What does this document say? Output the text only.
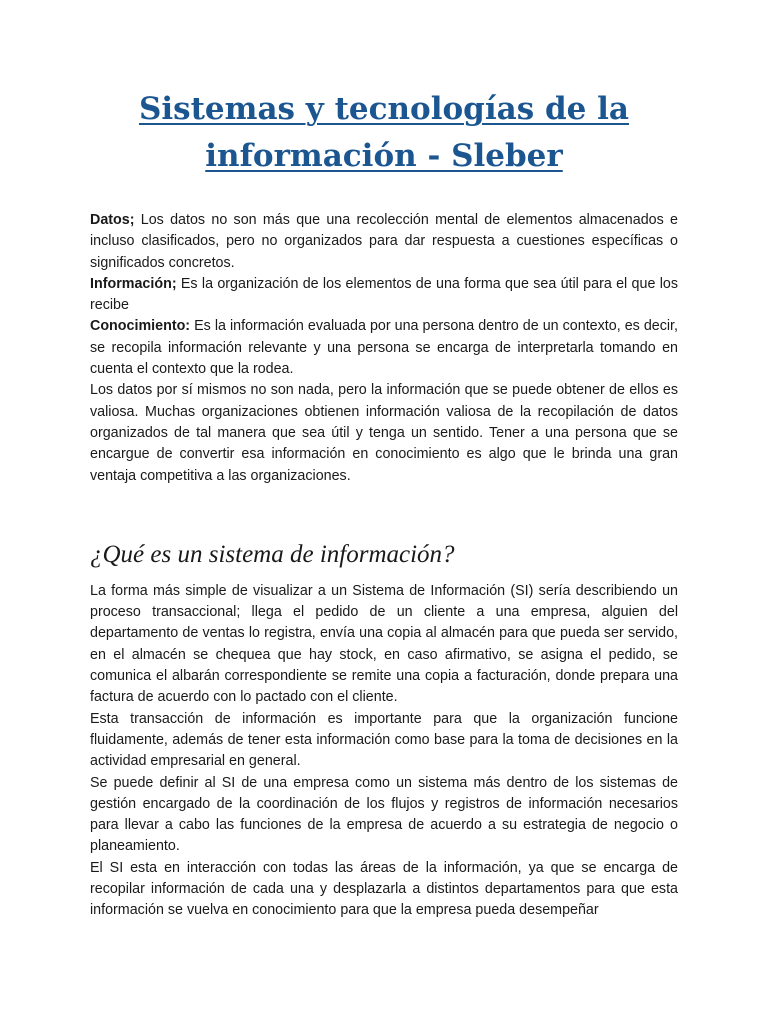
Sistemas y tecnologías de la información - Sleber

Datos; Los datos no son más que una recolección mental de elementos almacenados e incluso clasificados, pero no organizados para dar respuesta a cuestiones específicas o significados concretos.

Información; Es la organización de los elementos de una forma que sea útil para el que los recibe

Conocimiento: Es la información evaluada por una persona dentro de un contexto, es decir, se recopila información relevante y una persona se encarga de interpretarla tomando en cuenta el contexto que la rodea.

Los datos por sí mismos no son nada, pero la información que se puede obtener de ellos es valiosa. Muchas organizaciones obtienen información valiosa de la recopilación de datos organizados de tal manera que sea útil y tenga un sentido. Tener a una persona que se encargue de convertir esa información en conocimiento es algo que le brinda una gran ventaja competitiva a las organizaciones.

¿Qué es un sistema de información?

La forma más simple de visualizar a un Sistema de Información (SI) sería describiendo un proceso transaccional; llega el pedido de un cliente a una empresa, alguien del departamento de ventas lo registra, envía una copia al almacén para que pueda ser servido, en el almacén se chequea que hay stock, en caso afirmativo, se asigna el pedido, se comunica el albarán correspondiente se remite una copia a facturación, donde prepara una factura de acuerdo con lo pactado con el cliente.

Esta transacción de información es importante para que la organización funcione fluidamente, además de tener esta información como base para la toma de decisiones en la actividad empresarial en general.

Se puede definir al SI de una empresa como un sistema más dentro de los sistemas de gestión encargado de la coordinación de los flujos y registros de información necesarios para llevar a cabo las funciones de la empresa de acuerdo a su estrategia de negocio o planeamiento.

El SI esta en interacción con todas las áreas de la información, ya que se encarga de recopilar información de cada una y desplazarla a distintos departamentos para que esta información se vuelva en conocimiento para que la empresa pueda desempeñar
